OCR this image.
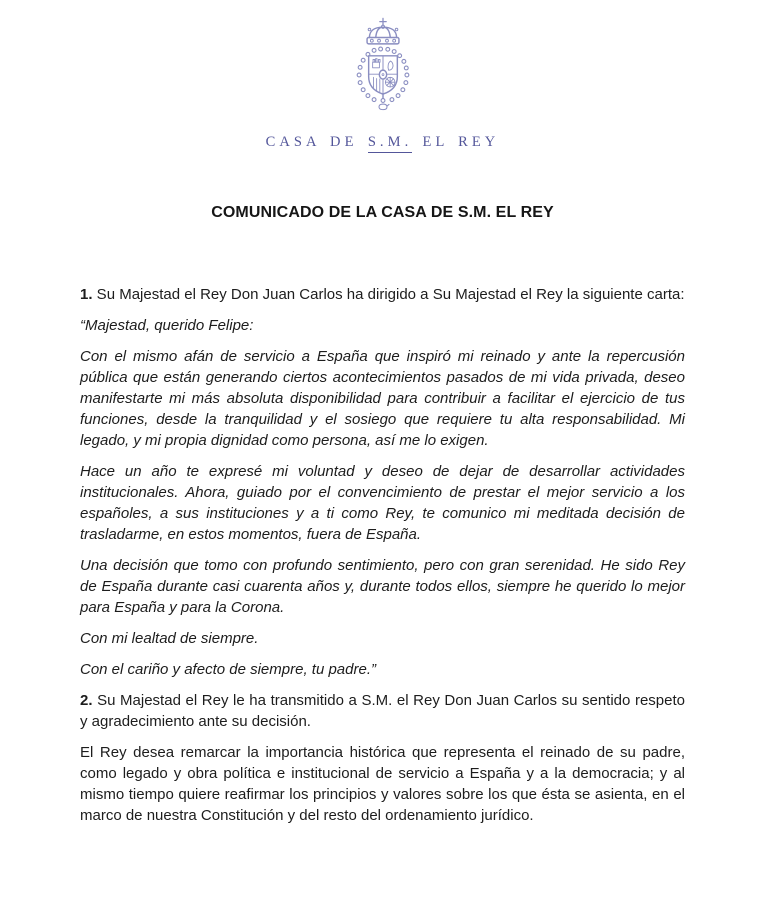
CASA DE S.M. EL REY
COMUNICADO DE LA CASA DE S.M. EL REY

1. Su Majestad el Rey Don Juan Carlos ha dirigido a Su Majestad el Rey la siguiente carta:

“Majestad, querido Felipe:

Con el mismo afán de servicio a España que inspiró mi reinado y ante la repercusión pública que están generando ciertos acontecimientos pasados de mi vida privada, deseo manifestarte mi más absoluta disponibilidad para contribuir a facilitar el ejercicio de tus funciones, desde la tranquilidad y el sosiego que requiere tu alta responsabilidad. Mi legado, y mi propia dignidad como persona, así me lo exigen.

Hace un año te expresé mi voluntad y deseo de dejar de desarrollar actividades institucionales. Ahora, guiado por el convencimiento de prestar el mejor servicio a los españoles, a sus instituciones y a ti como Rey, te comunico mi meditada decisión de trasladarme, en estos momentos, fuera de España.

Una decisión que tomo con profundo sentimiento, pero con gran serenidad. He sido Rey de España durante casi cuarenta años y, durante todos ellos, siempre he querido lo mejor para España y para la Corona.

Con mi lealtad de siempre.

Con el cariño y afecto de siempre, tu padre.”

2. Su Majestad el Rey le ha transmitido a S.M. el Rey Don Juan Carlos su sentido respeto y agradecimiento ante su decisión.

El Rey desea remarcar la importancia histórica que representa el reinado de su padre, como legado y obra política e institucional de servicio a España y a la democracia; y al mismo tiempo quiere reafirmar los principios y valores sobre los que ésta se asienta, en el marco de nuestra Constitución y del resto del ordenamiento jurídico.
